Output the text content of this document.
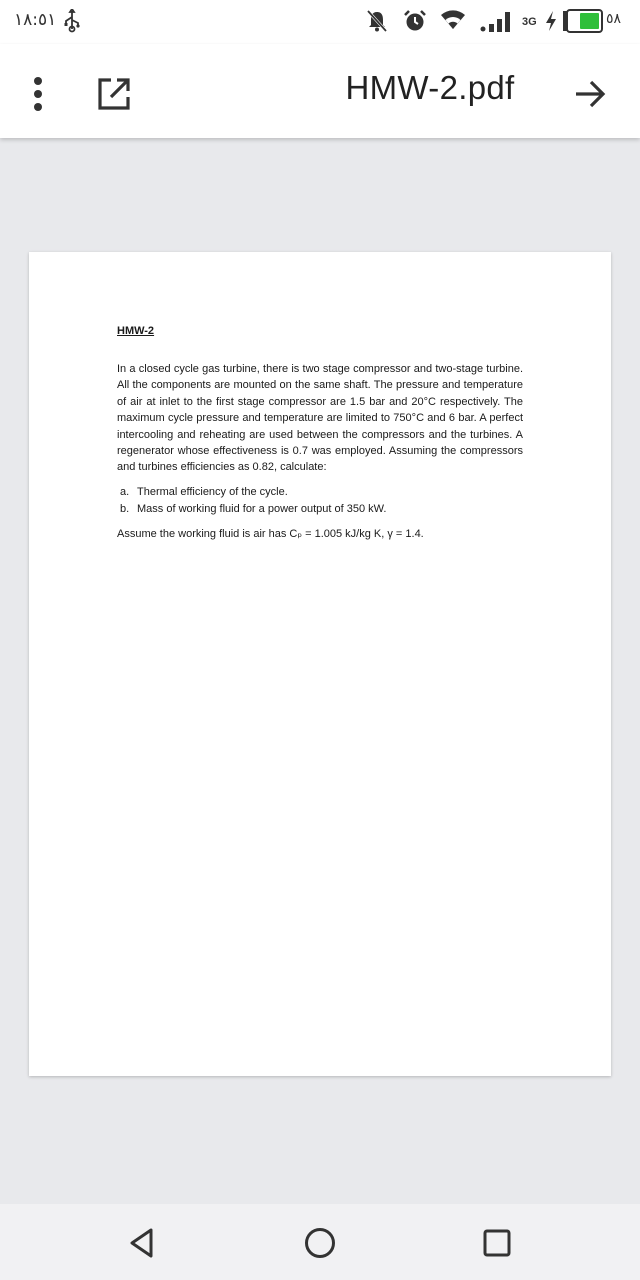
١٨:٥١	3G	٥٨
HMW-2.pdf
HMW-2

In a closed cycle gas turbine, there is two stage compressor and two-stage turbine. All the components are mounted on the same shaft. The pressure and temperature of air at inlet to the first stage compressor are 1.5 bar and 20°C respectively. The maximum cycle pressure and temperature are limited to 750°C and 6 bar. A perfect intercooling and reheating are used between the compressors and the turbines. A regenerator whose effectiveness is 0.7 was employed. Assuming the compressors and turbines efficiencies as 0.82, calculate:

a. Thermal efficiency of the cycle.
b. Mass of working fluid for a power output of 350 kW.

Assume the working fluid is air has Cₚ = 1.005 kJ/kg K, γ = 1.4.
